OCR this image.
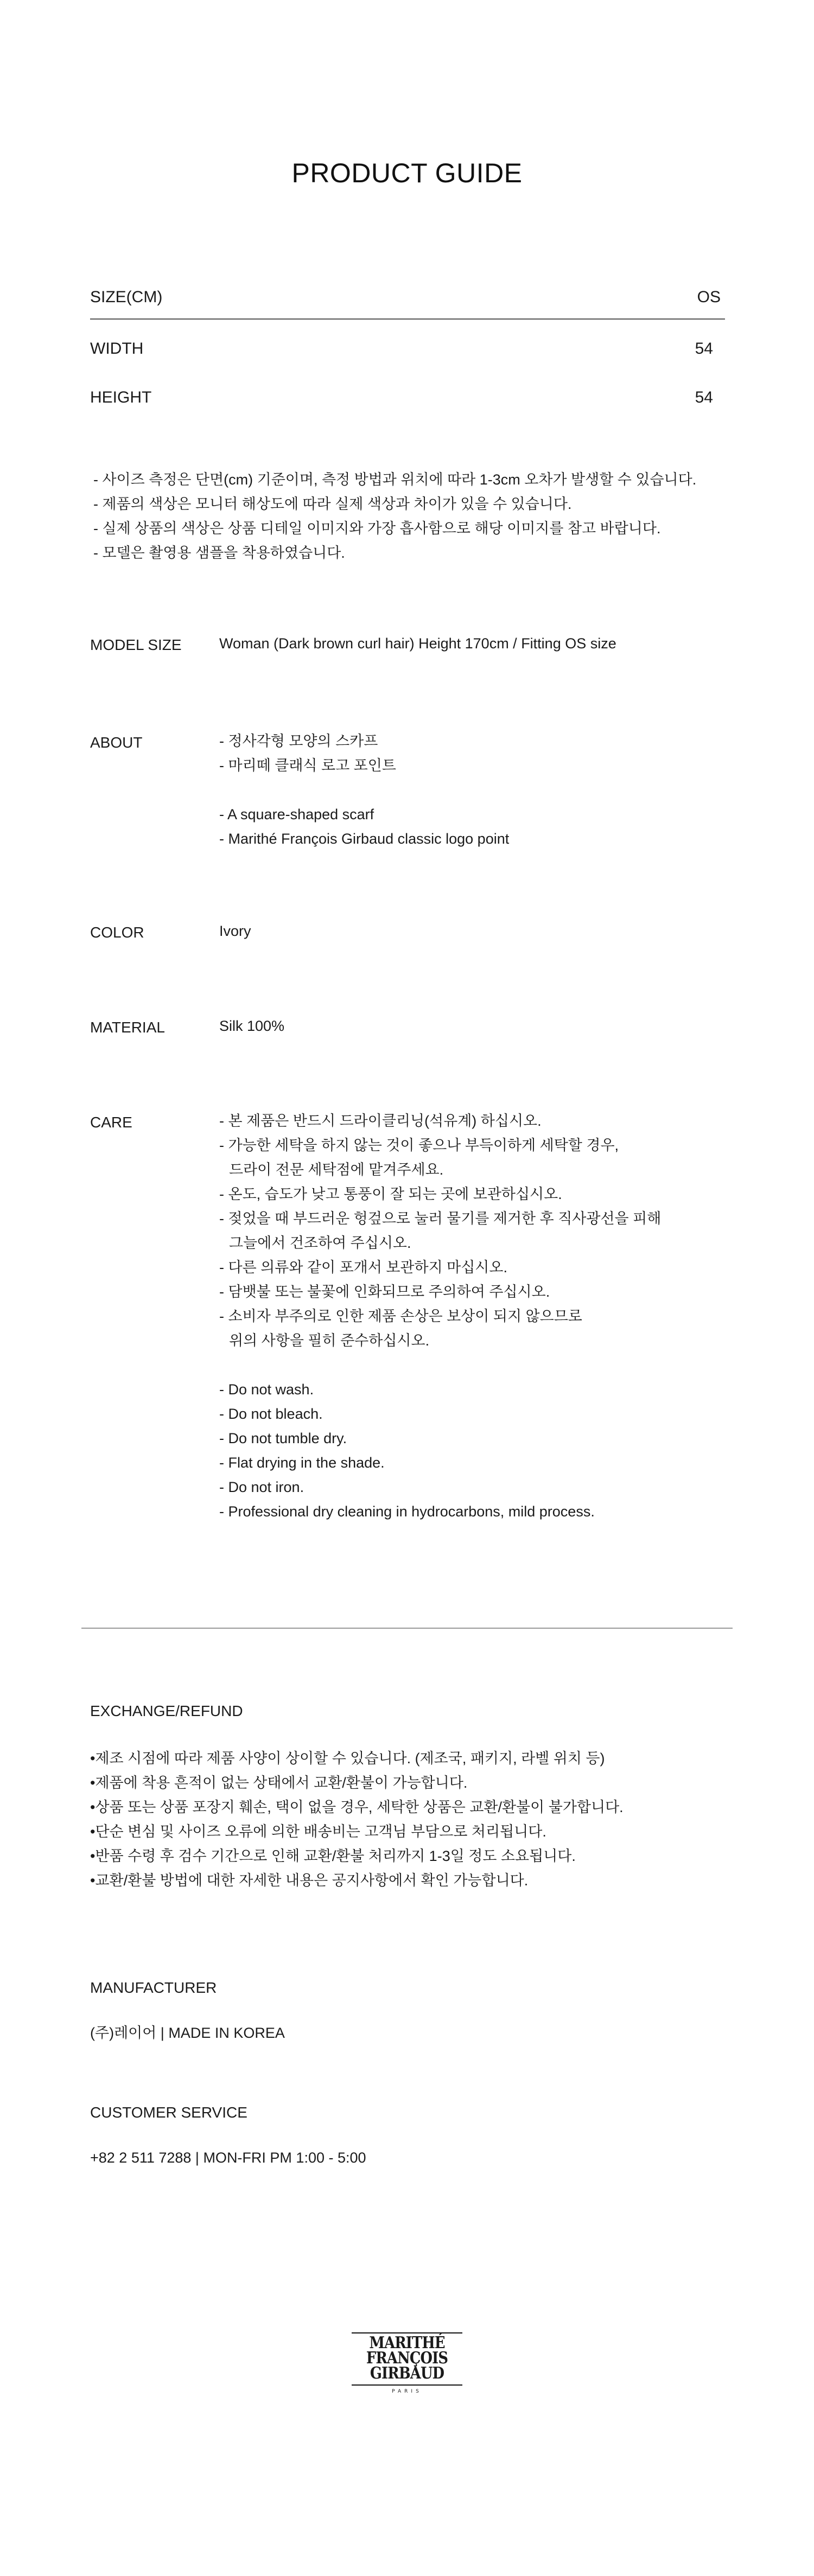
PRODUCT GUIDE
SIZE(CM)	OS
WIDTH	54
HEIGHT	54
- 사이즈 측정은 단면(cm) 기준이며, 측정 방법과 위치에 따라 1-3cm 오차가 발생할 수 있습니다.
- 제품의 색상은 모니터 해상도에 따라 실제 색상과 차이가 있을 수 있습니다.
- 실제 상품의 색상은 상품 디테일 이미지와 가장 흡사함으로 해당 이미지를 참고 바랍니다.
- 모델은 촬영용 샘플을 착용하였습니다.
MODEL SIZE	Woman (Dark brown curl hair) Height 170cm / Fitting OS size
ABOUT	- 정사각형 모양의 스카프
- 마리떼 클래식 로고 포인트
- A square-shaped scarf
- Marithé François Girbaud classic logo point
COLOR	Ivory
MATERIAL	Silk 100%
CARE	- 본 제품은 반드시 드라이클리닝(석유계) 하십시오.
- 가능한 세탁을 하지 않는 것이 좋으나 부득이하게 세탁할 경우,
드라이 전문 세탁점에 맡겨주세요.
- 온도, 습도가 낮고 통풍이 잘 되는 곳에 보관하십시오.
- 젖었을 때 부드러운 헝겊으로 눌러 물기를 제거한 후 직사광선을 피해
그늘에서 건조하여 주십시오.
- 다른 의류와 같이 포개서 보관하지 마십시오.
- 담뱃불 또는 불꽃에 인화되므로 주의하여 주십시오.
- 소비자 부주의로 인한 제품 손상은 보상이 되지 않으므로
위의 사항을 필히 준수하십시오.
- Do not wash.
- Do not bleach.
- Do not tumble dry.
- Flat drying in the shade.
- Do not iron.
- Professional dry cleaning in hydrocarbons, mild process.
EXCHANGE/REFUND
•제조 시점에 따라 제품 사양이 상이할 수 있습니다. (제조국, 패키지, 라벨 위치 등)
•제품에 착용 흔적이 없는 상태에서 교환/환불이 가능합니다.
•상품 또는 상품 포장지 훼손, 택이 없을 경우, 세탁한 상품은 교환/환불이 불가합니다.
•단순 변심 및 사이즈 오류에 의한 배송비는 고객님 부담으로 처리됩니다.
•반품 수령 후 검수 기간으로 인해 교환/환불 처리까지 1-3일 정도 소요됩니다.
•교환/환불 방법에 대한 자세한 내용은 공지사항에서 확인 가능합니다.
MANUFACTURER
(주)레이어 | MADE IN KOREA
CUSTOMER SERVICE
+82 2 511 7288 | MON-FRI PM 1:00 - 5:00
MARITHÉ
FRANÇOIS
GIRBAUD
PARIS
